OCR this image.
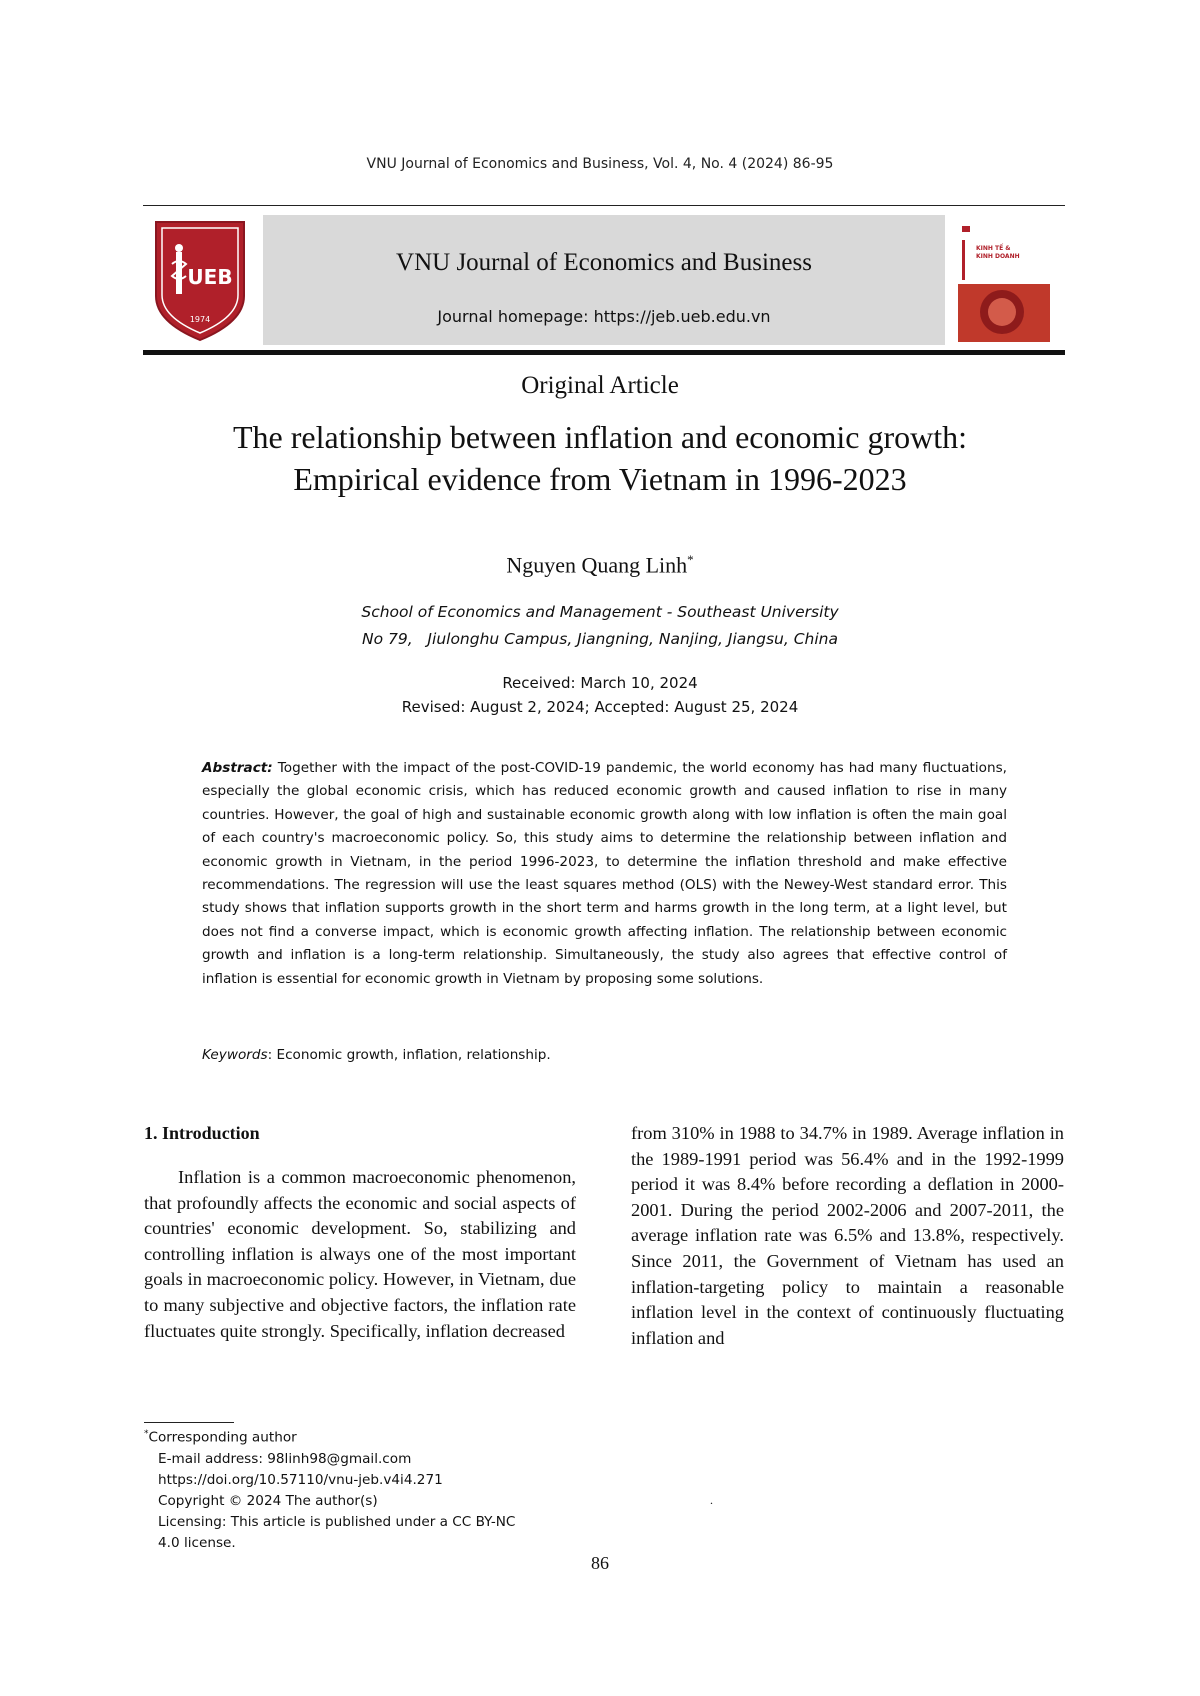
VNU Journal of Economics and Business, Vol. 4, No. 4 (2024) 86-95
UEB
1974
VNU Journal of Economics and Business
Journal homepage: https://jeb.ueb.edu.vn
KINH TẾ &
KINH DOANH
Original Article
The relationship between inflation and economic growth:
Empirical evidence from Vietnam in 1996-2023
Nguyen Quang Linh*
School of Economics and Management - Southeast University
No 79,   Jiulonghu Campus, Jiangning, Nanjing, Jiangsu, China
Received: March 10, 2024
Revised: August 2, 2024; Accepted: August 25, 2024
Abstract: Together with the impact of the post-COVID-19 pandemic, the world economy has had many fluctuations, especially the global economic crisis, which has reduced economic growth and caused inflation to rise in many countries. However, the goal of high and sustainable economic growth along with low inflation is often the main goal of each country's macroeconomic policy. So, this study aims to determine the relationship between inflation and economic growth in Vietnam, in the period 1996-2023, to determine the inflation threshold and make effective recommendations. The regression will use the least squares method (OLS) with the Newey-West standard error. This study shows that inflation supports growth in the short term and harms growth in the long term, at a light level, but does not find a converse impact, which is economic growth affecting inflation. The relationship between economic growth and inflation is a long-term relationship. Simultaneously, the study also agrees that effective control of inflation is essential for economic growth in Vietnam by proposing some solutions.
Keywords: Economic growth, inflation, relationship.
1. Introduction

Inflation is a common macroeconomic phenomenon, that profoundly affects the economic and social aspects of countries' economic development. So, stabilizing and controlling inflation is always one of the most important goals in macroeconomic policy. However, in Vietnam, due to many subjective and objective factors, the inflation rate fluctuates quite strongly. Specifically, inflation decreased

from 310% in 1988 to 34.7% in 1989. Average inflation in the 1989-1991 period was 56.4% and in the 1992-1999 period it was 8.4% before recording a deflation in 2000-2001. During the period 2002-2006 and 2007-2011, the average inflation rate was 6.5% and 13.8%, respectively. Since 2011, the Government of Vietnam has used an inflation-targeting policy to maintain a reasonable inflation level in the context of continuously fluctuating inflation and

*Corresponding author
E-mail address: 98linh98@gmail.com
https://doi.org/10.57110/vnu-jeb.v4i4.271
Copyright © 2024 The author(s)
Licensing: This article is published under a CC BY-NC
4.0 license.
.
86
